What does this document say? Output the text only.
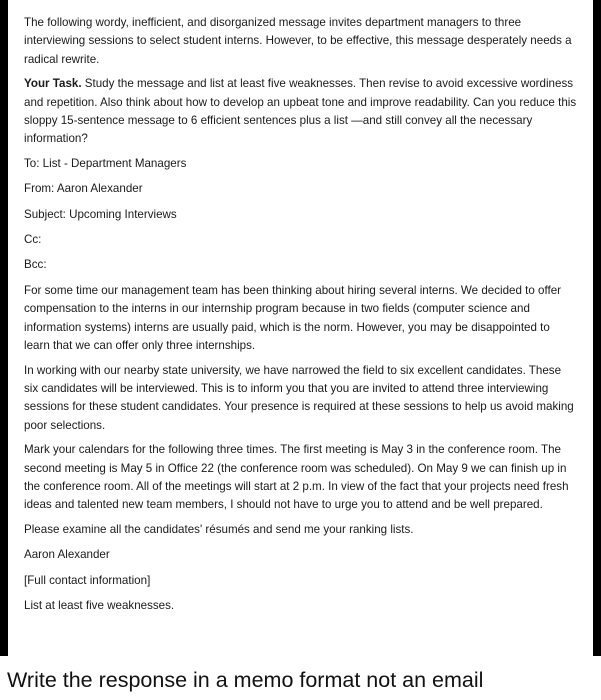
The following wordy, inefficient, and disorganized message invites department managers to three interviewing sessions to select student interns. However, to be effective, this message desperately needs a radical rewrite.

Your Task. Study the message and list at least five weaknesses. Then revise to avoid excessive wordiness and repetition. Also think about how to develop an upbeat tone and improve readability. Can you reduce this sloppy 15-sentence message to 6 efficient sentences plus a list —and still convey all the necessary information?

To: List - Department Managers

From: Aaron Alexander

Subject: Upcoming Interviews

Cc:

Bcc:

For some time our management team has been thinking about hiring several interns. We decided to offer compensation to the interns in our internship program because in two fields (computer science and information systems) interns are usually paid, which is the norm. However, you may be disappointed to learn that we can offer only three internships.

In working with our nearby state university, we have narrowed the field to six excellent candidates. These six candidates will be interviewed. This is to inform you that you are invited to attend three interviewing sessions for these student candidates. Your presence is required at these sessions to help us avoid making poor selections.

Mark your calendars for the following three times. The first meeting is May 3 in the conference room. The second meeting is May 5 in Office 22 (the conference room was scheduled). On May 9 we can finish up in the conference room. All of the meetings will start at 2 p.m. In view of the fact that your projects need fresh ideas and talented new team members, I should not have to urge you to attend and be well prepared.

Please examine all the candidates' résumés and send me your ranking lists.

Aaron Alexander

[Full contact information]

List at least five weaknesses.

Write the response in a memo format not an email
